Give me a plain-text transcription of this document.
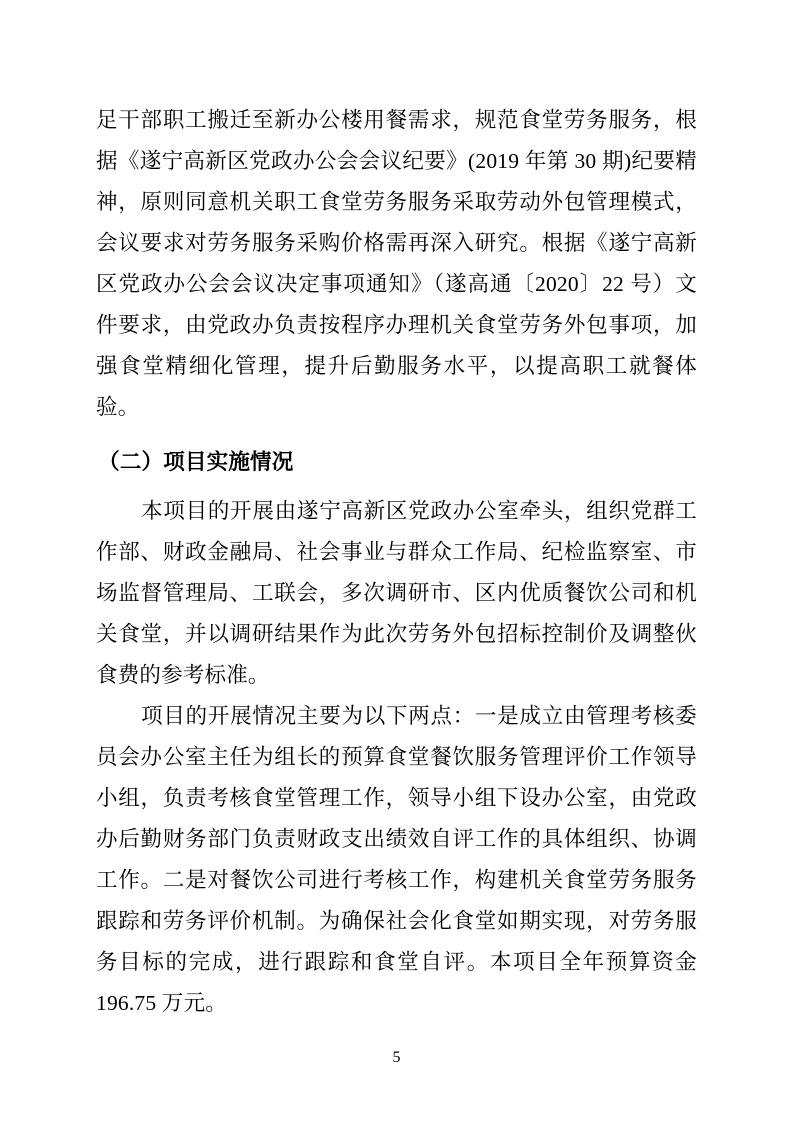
足干部职工搬迁至新办公楼用餐需求，规范食堂劳务服务，根据《遂宁高新区党政办公会会议纪要》(2019 年第 30 期)纪要精神，原则同意机关职工食堂劳务服务采取劳动外包管理模式，会议要求对劳务服务采购价格需再深入研究。根据《遂宁高新区党政办公会会议决定事项通知》（遂高通〔2020〕22 号）文件要求，由党政办负责按程序办理机关食堂劳务外包事项，加强食堂精细化管理，提升后勤服务水平，以提高职工就餐体验。

（二）项目实施情况

本项目的开展由遂宁高新区党政办公室牵头，组织党群工作部、财政金融局、社会事业与群众工作局、纪检监察室、市场监督管理局、工联会，多次调研市、区内优质餐饮公司和机关食堂，并以调研结果作为此次劳务外包招标控制价及调整伙食费的参考标准。

项目的开展情况主要为以下两点：一是成立由管理考核委员会办公室主任为组长的预算食堂餐饮服务管理评价工作领导小组，负责考核食堂管理工作，领导小组下设办公室，由党政办后勤财务部门负责财政支出绩效自评工作的具体组织、协调工作。二是对餐饮公司进行考核工作，构建机关食堂劳务服务跟踪和劳务评价机制。为确保社会化食堂如期实现，对劳务服务目标的完成，进行跟踪和食堂自评。本项目全年预算资金 196.75 万元。

5
